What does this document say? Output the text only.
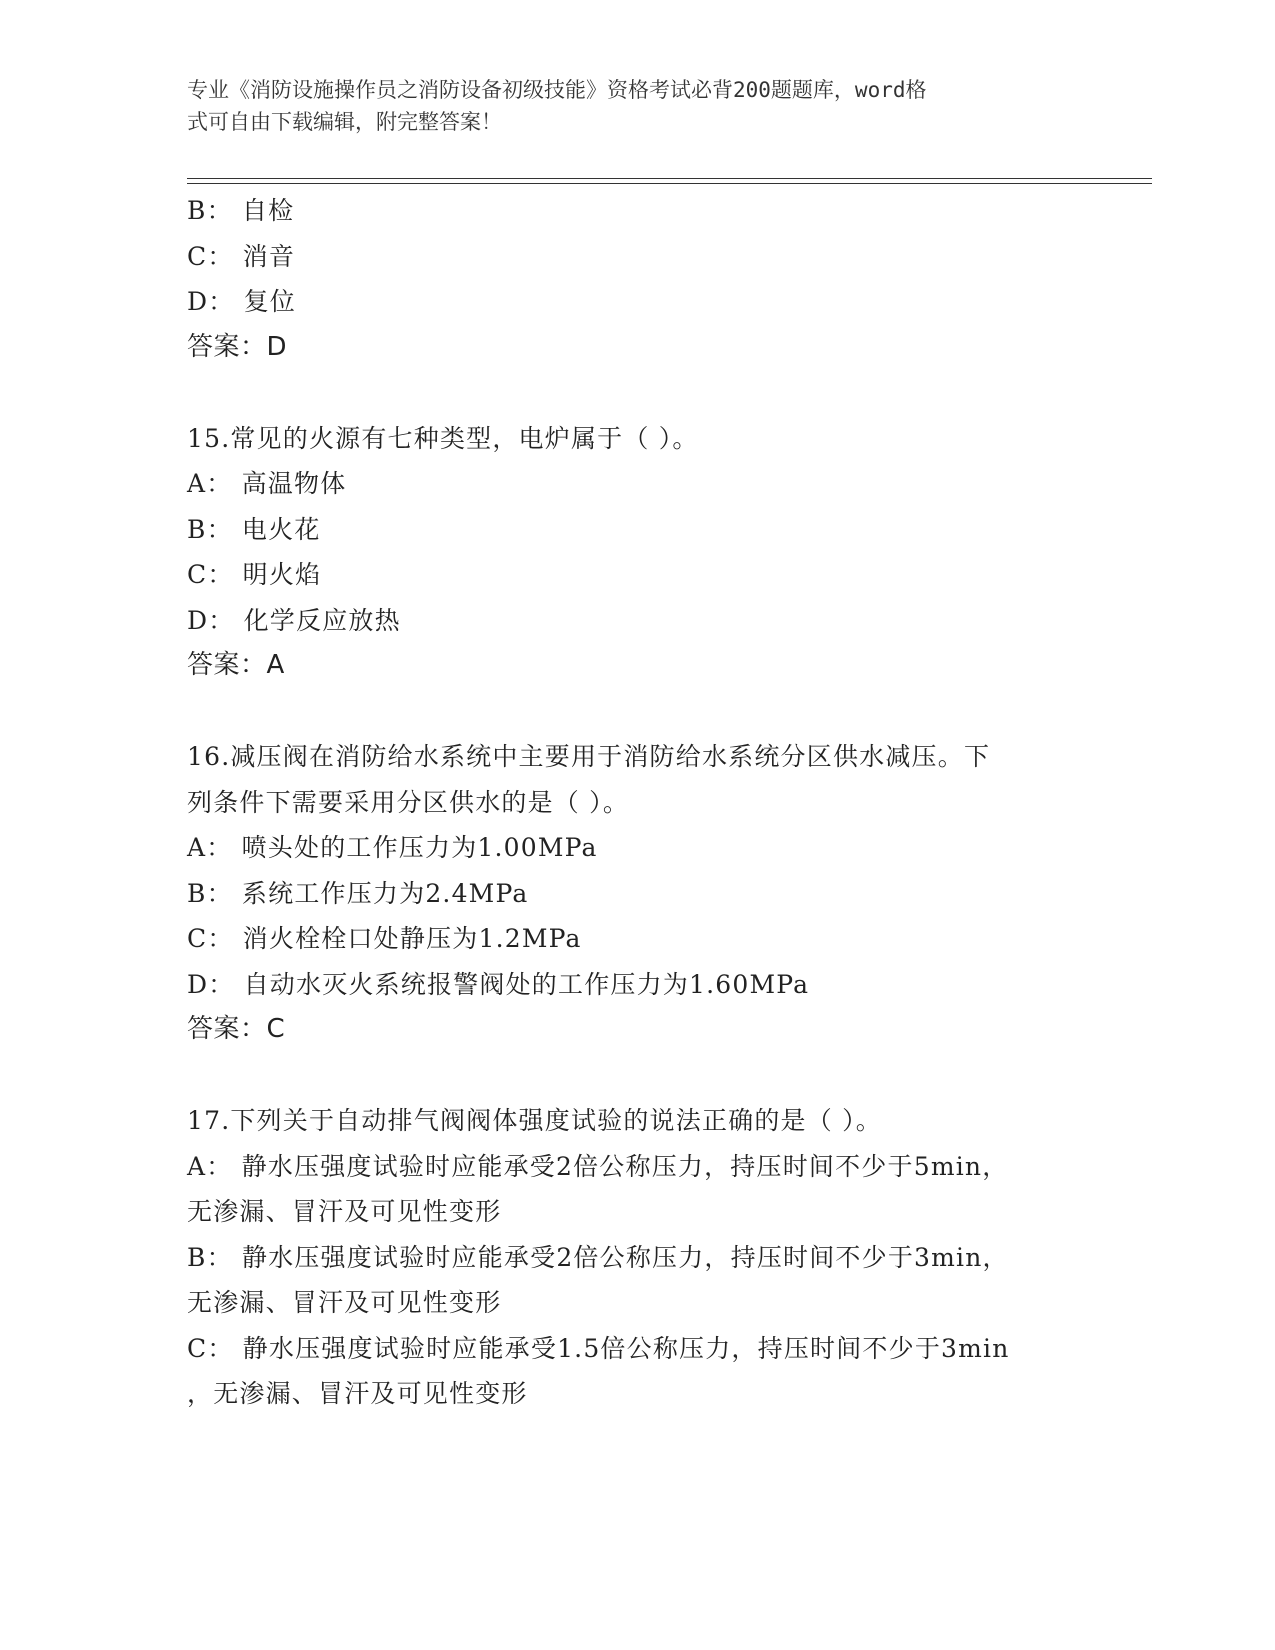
专业《消防设施操作员之消防设备初级技能》资格考试必背200题题库，word格
式可自由下载编辑，附完整答案！
B： 自检
C： 消音
D： 复位
答案：D
15.常见的火源有七种类型，电炉属于（ ）。
A： 高温物体
B： 电火花
C： 明火焰
D： 化学反应放热
答案：A
16.减压阀在消防给水系统中主要用于消防给水系统分区供水减压。下
列条件下需要采用分区供水的是（ ）。
A： 喷头处的工作压力为1.00MPa
B： 系统工作压力为2.4MPa
C： 消火栓栓口处静压为1.2MPa
D： 自动水灭火系统报警阀处的工作压力为1.60MPa
答案：C
17.下列关于自动排气阀阀体强度试验的说法正确的是（ ）。
A： 静水压强度试验时应能承受2倍公称压力，持压时间不少于5min，
无渗漏、冒汗及可见性变形
B： 静水压强度试验时应能承受2倍公称压力，持压时间不少于3min，
无渗漏、冒汗及可见性变形
C： 静水压强度试验时应能承受1.5倍公称压力，持压时间不少于3min
，无渗漏、冒汗及可见性变形
